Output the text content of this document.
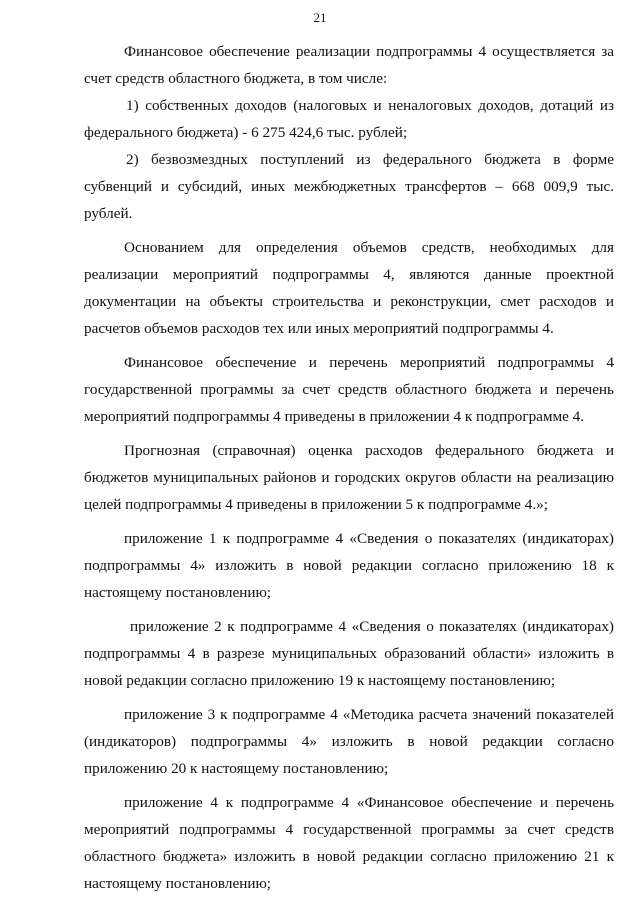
21

Финансовое обеспечение реализации подпрограммы 4 осуществляется за счет средств областного бюджета, в том числе:

1) собственных доходов (налоговых и неналоговых доходов, дотаций из федерального бюджета) - 6 275 424,6 тыс. рублей;

2) безвозмездных поступлений из федерального бюджета в форме субвенций и субсидий, иных межбюджетных трансфертов – 668 009,9 тыс. рублей.

Основанием для определения объемов средств, необходимых для реализации мероприятий подпрограммы 4, являются данные проектной документации на объекты строительства и реконструкции, смет расходов и расчетов объемов расходов тех или иных мероприятий подпрограммы 4.

Финансовое обеспечение и перечень мероприятий подпрограммы 4 государственной программы за счет средств областного бюджета и перечень мероприятий подпрограммы 4 приведены в приложении 4 к подпрограмме 4.

Прогнозная (справочная) оценка расходов федерального бюджета и бюджетов муниципальных районов и городских округов области на реализацию целей подпрограммы 4 приведены в приложении 5 к подпрограмме 4.»;

приложение 1 к подпрограмме 4 «Сведения о показателях (индикаторах) подпрограммы 4» изложить в новой редакции согласно приложению 18 к настоящему постановлению;

приложение 2 к подпрограмме 4 «Сведения о показателях (индикаторах) подпрограммы 4 в разрезе муниципальных образований области» изложить в новой редакции согласно приложению 19 к настоящему постановлению;

приложение 3 к подпрограмме 4 «Методика расчета значений показателей (индикаторов) подпрограммы 4» изложить в новой редакции согласно приложению 20 к настоящему постановлению;

приложение 4 к подпрограмме 4 «Финансовое обеспечение и перечень мероприятий подпрограммы 4 государственной программы за счет средств областного бюджета» изложить в новой редакции согласно приложению 21 к настоящему постановлению;
